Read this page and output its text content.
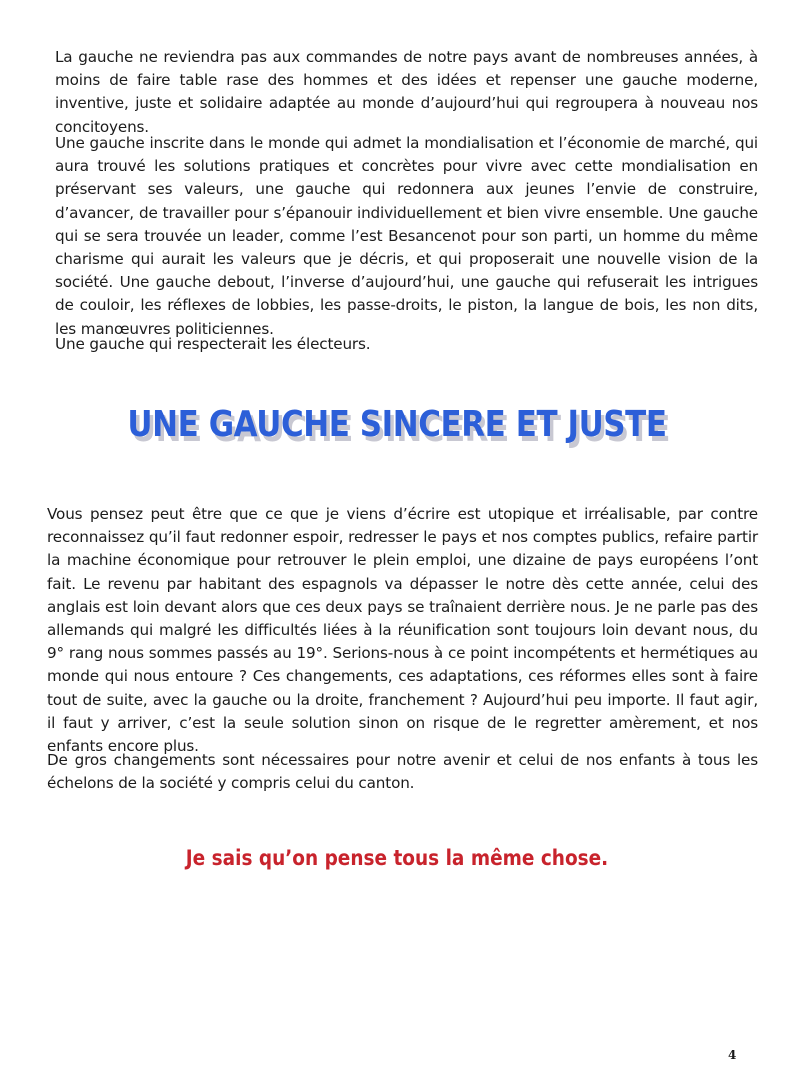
La gauche ne reviendra pas aux commandes de notre pays avant de nombreuses années, à moins de faire table rase des hommes et des idées et repenser une gauche moderne, inventive, juste et solidaire adaptée au monde d’aujourd’hui qui regroupera à nouveau nos concitoyens.

Une gauche inscrite dans le monde qui admet la mondialisation et l’économie de marché, qui aura trouvé les solutions pratiques et concrètes pour vivre avec cette mondialisation en préservant ses valeurs, une gauche qui redonnera aux jeunes l’envie de construire, d’avancer, de travailler pour s’épanouir individuellement et bien vivre ensemble. Une gauche qui se sera trouvée un leader, comme l’est Besancenot pour son parti, un homme du même charisme qui aurait les valeurs que je décris, et qui proposerait une nouvelle vision de la société. Une gauche debout, l’inverse d’aujourd’hui, une gauche qui refuserait les intrigues de couloir, les réflexes de lobbies, les passe-droits, le piston, la langue de bois, les non dits, les manœuvres politiciennes.

Une gauche qui respecterait les électeurs.

UNE GAUCHE SINCERE ET JUSTE

Vous pensez peut être que ce que je viens d’écrire est utopique et irréalisable, par contre reconnaissez qu’il faut redonner espoir, redresser le pays et nos comptes publics, refaire partir la machine économique pour retrouver le plein emploi, une dizaine de pays européens l’ont fait. Le revenu par habitant des espagnols va dépasser le notre dès cette année, celui des anglais est loin devant alors que ces deux pays se traînaient derrière nous. Je ne parle pas des allemands qui malgré les difficultés liées à la réunification sont toujours loin devant nous, du 9° rang nous sommes passés au 19°. Serions-nous à ce point incompétents et hermétiques au monde qui nous entoure ? Ces changements, ces adaptations, ces réformes elles sont à faire tout de suite, avec la gauche ou la droite, franchement ? Aujourd’hui peu importe. Il faut agir, il faut y arriver, c’est la seule solution sinon on risque de le regretter amèrement, et nos enfants encore plus.

De gros changements sont nécessaires pour notre avenir et celui de nos enfants à tous les échelons de la société y compris celui du canton.

Je sais qu’on pense tous la même chose.

4
